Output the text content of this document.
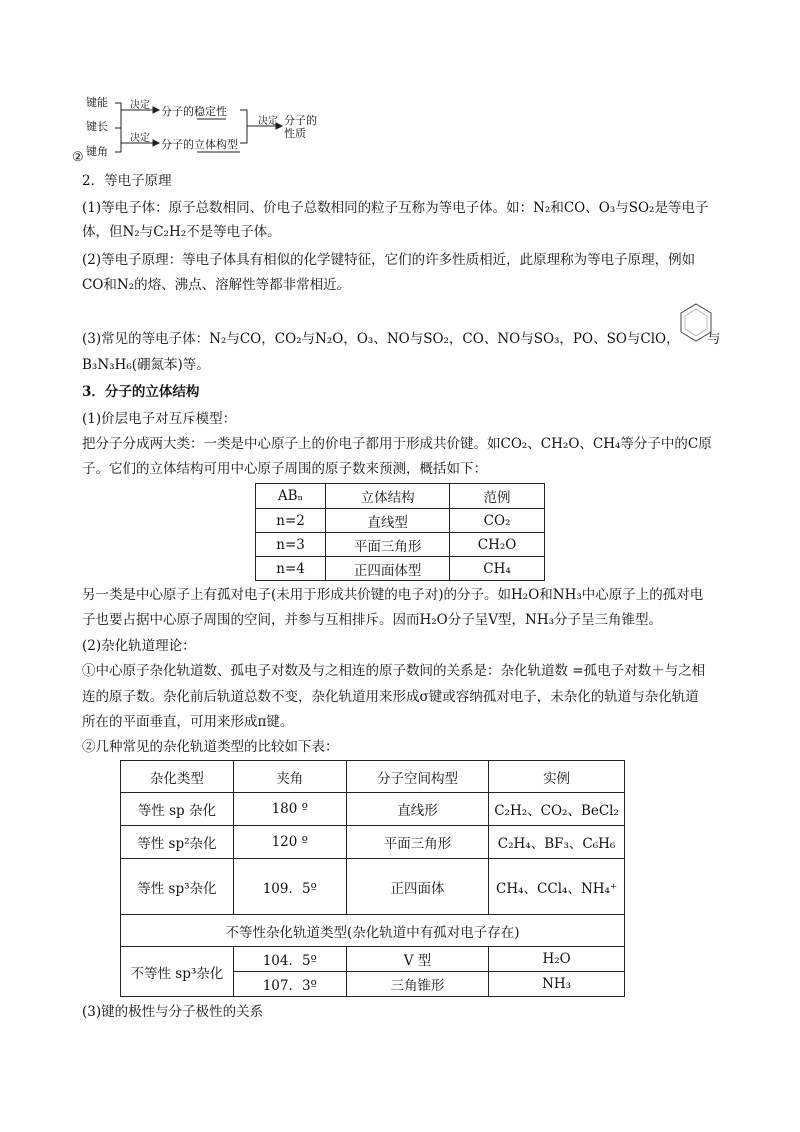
键能
键长
键角
决定
决定
决定
分子的稳定性
分子的立体构型
分子的
性质
②
2．等电子原理
(1)等电子体：原子总数相同、价电子总数相同的粒子互称为等电子体。如：N₂和CO、O₃与SO₂是等电子
体，但N₂与C₂H₂不是等电子体。
(2)等电子原理：等电子体具有相似的化学键特征，它们的许多性质相近，此原理称为等电子原理，例如
CO和N₂的熔、沸点、溶解性等都非常相近。
(3)常见的等电子体：N₂与CO，CO₂与N₂O，O₃、NO与SO₂，CO、NO与SO₃，PO、SO与ClO， 与
B₃N₃H₆(硼氮苯)等。
3．分子的立体结构
(1)价层电子对互斥模型：
把分子分成两大类：一类是中心原子上的价电子都用于形成共价键。如CO₂、CH₂O、CH₄等分子中的C原
子。它们的立体结构可用中心原子周围的原子数来预测，概括如下：
ABₙ	立体结构	范例
n=2	直线型	CO₂
n=3	平面三角形	CH₂O
n=4	正四面体型	CH₄
另一类是中心原子上有孤对电子(未用于形成共价键的电子对)的分子。如H₂O和NH₃中心原子上的孤对电
子也要占据中心原子周围的空间，并参与互相排斥。因而H₂O分子呈V型，NH₃分子呈三角锥型。
(2)杂化轨道理论：
①中心原子杂化轨道数、孤电子对数及与之相连的原子数间的关系是：杂化轨道数 =孤电子对数＋与之相
连的原子数。杂化前后轨道总数不变，杂化轨道用来形成σ键或容纳孤对电子，未杂化的轨道与杂化轨道
所在的平面垂直，可用来形成π键。
②几种常见的杂化轨道类型的比较如下表：
杂化类型	夹角	分子空间构型	实例
等性 sp 杂化	180 º	直线形	C₂H₂、CO₂、BeCl₂
等性 sp²杂化	120 º	平面三角形	C₂H₄、BF₃、C₆H₆
等性 sp³杂化	109．5º	正四面体	CH₄、CCl₄、NH₄⁺
不等性杂化轨道类型(杂化轨道中有孤对电子存在)			
不等性 sp³杂化	104．5º	V 型	H₂O
	107．3º	三角锥形	NH₃
(3)键的极性与分子极性的关系
